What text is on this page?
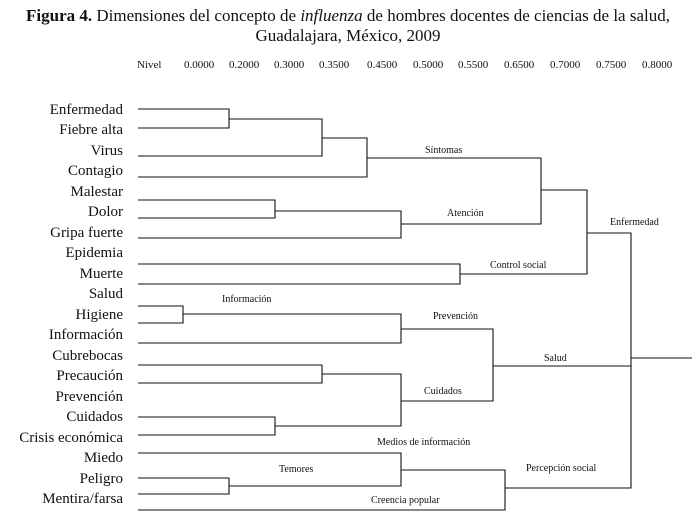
Figura 4. Dimensiones del concepto de influenza de hombres docentes de ciencias de la salud,
Guadalajara, México, 2009
Nivel 0.0000 0.2000 0.3000 0.3500 0.4500 0.5000 0.5500 0.6500 0.7000 0.7500 0.8000
Enfermedad
Fiebre alta
Virus
Contagio
Malestar
Dolor
Gripa fuerte
Epidemia
Muerte
Salud
Higiene
Información
Cubrebocas
Precaución
Prevención
Cuidados
Crisis económica
Miedo
Peligro
Mentira/farsa
Síntomas
Atención
Enfermedad
Control social
Información
Prevención
Salud
Cuidados
Medios de información
Temores	Percepción social
Creencia popular
